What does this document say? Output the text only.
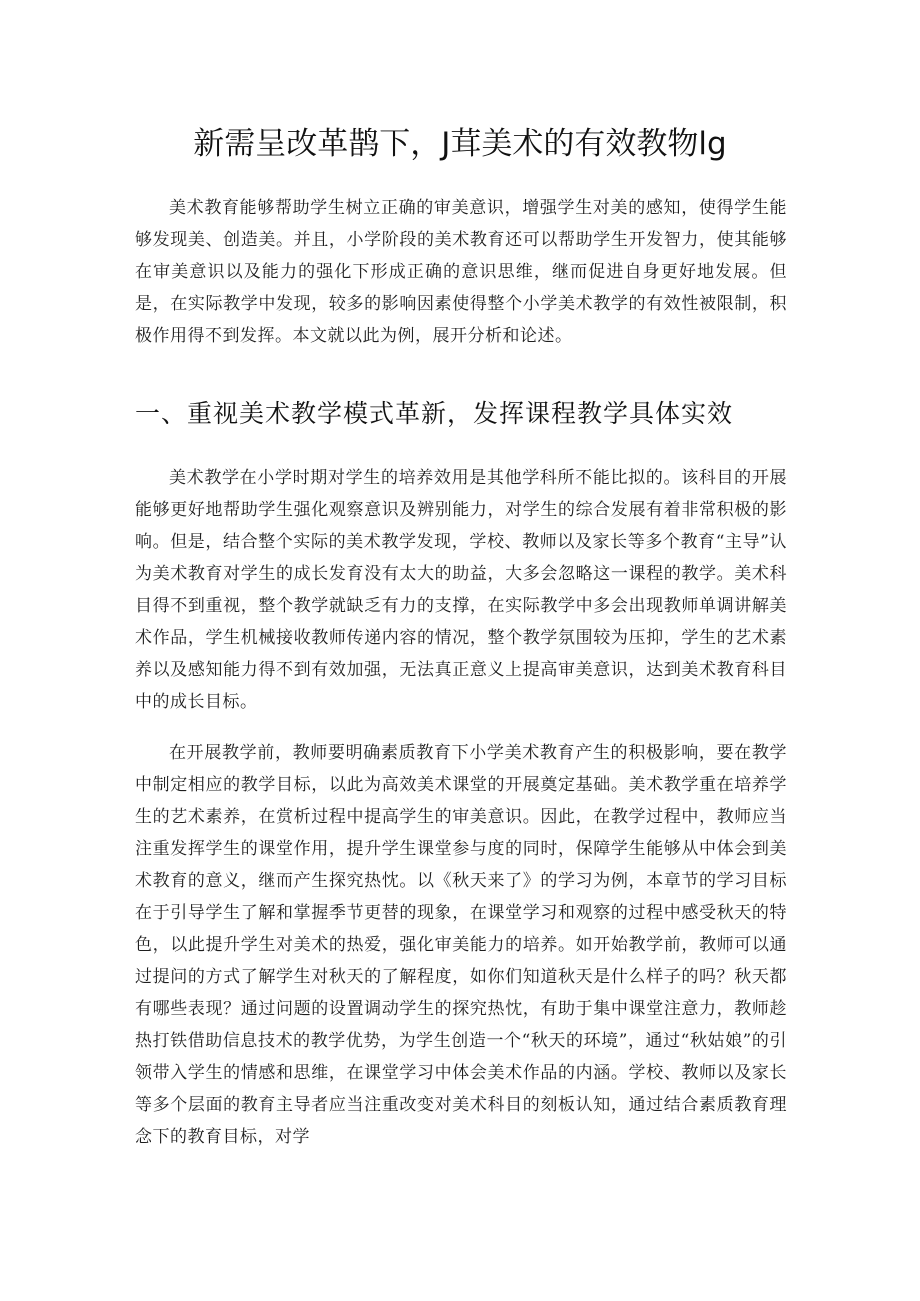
新需呈改革鹊下，J茸美术的有效教物lg

美术教育能够帮助学生树立正确的审美意识，增强学生对美的感知，使得学生能够发现美、创造美。并且，小学阶段的美术教育还可以帮助学生开发智力，使其能够在审美意识以及能力的强化下形成正确的意识思维，继而促进自身更好地发展。但是，在实际教学中发现，较多的影响因素使得整个小学美术教学的有效性被限制，积极作用得不到发挥。本文就以此为例，展开分析和论述。

一、重视美术教学模式革新，发挥课程教学具体实效

美术教学在小学时期对学生的培养效用是其他学科所不能比拟的。该科目的开展能够更好地帮助学生强化观察意识及辨别能力，对学生的综合发展有着非常积极的影响。但是，结合整个实际的美术教学发现，学校、教师以及家长等多个教育“主导”认为美术教育对学生的成长发育没有太大的助益，大多会忽略这一课程的教学。美术科目得不到重视，整个教学就缺乏有力的支撑，在实际教学中多会出现教师单调讲解美术作品，学生机械接收教师传递内容的情况，整个教学氛围较为压抑，学生的艺术素养以及感知能力得不到有效加强，无法真正意义上提高审美意识，达到美术教育科目中的成长目标。

在开展教学前，教师要明确素质教育下小学美术教育产生的积极影响，要在教学中制定相应的教学目标，以此为高效美术课堂的开展奠定基础。美术教学重在培养学生的艺术素养，在赏析过程中提高学生的审美意识。因此，在教学过程中，教师应当注重发挥学生的课堂作用，提升学生课堂参与度的同时，保障学生能够从中体会到美术教育的意义，继而产生探究热忱。以《秋天来了》的学习为例，本章节的学习目标在于引导学生了解和掌握季节更替的现象，在课堂学习和观察的过程中感受秋天的特色，以此提升学生对美术的热爱，强化审美能力的培养。如开始教学前，教师可以通过提问的方式了解学生对秋天的了解程度，如你们知道秋天是什么样子的吗？秋天都有哪些表现？通过问题的设置调动学生的探究热忱，有助于集中课堂注意力，教师趁热打铁借助信息技术的教学优势，为学生创造一个“秋天的环境”，通过“秋姑娘”的引领带入学生的情感和思维，在课堂学习中体会美术作品的内涵。学校、教师以及家长等多个层面的教育主导者应当注重改变对美术科目的刻板认知，通过结合素质教育理念下的教育目标，对学
